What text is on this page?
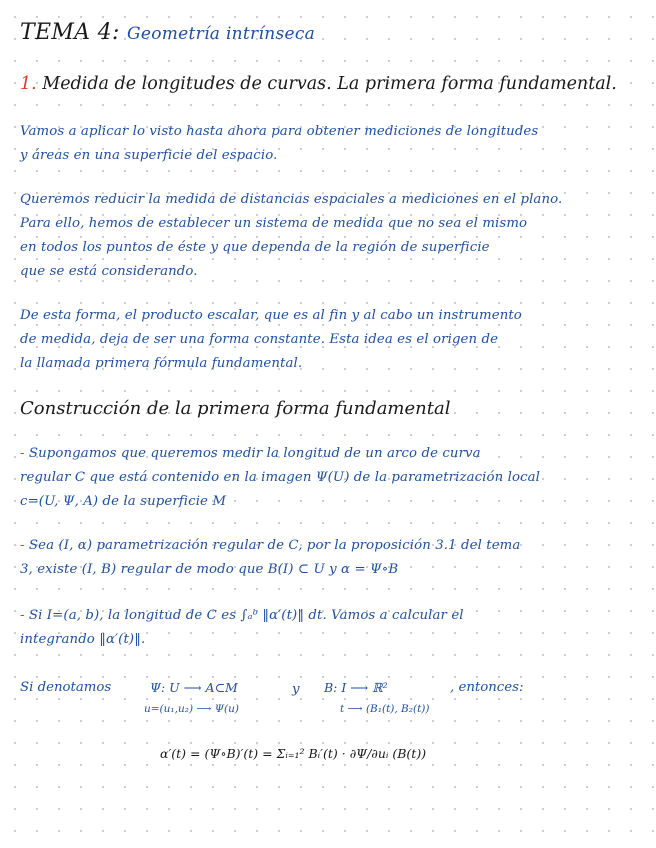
TEMA 4: Geometría intrínseca
1. Medida de longitudes de curvas. La primera forma fundamental.
Vamos a aplicar lo visto hasta ahora para obtener mediciones de longitudes
y áreas en una superficie del espacio.
Queremos reducir la medida de distancias espaciales a mediciones en el plano.
Para ello, hemos de establecer un sistema de medida que no sea el mismo
en todos los puntos de éste y que dependa de la región de superficie
que se está considerando.
De esta forma, el producto escalar, que es al fin y al cabo un instrumento
de medida, deja de ser una forma constante. Esta idea es el origen de
la llamada primera fórmula fundamental.
Construcción de la primera forma fundamental
- Supongamos que queremos medir la longitud de un arco de curva
regular C que está contenido en la imagen Ψ(U) de la parametrización local
c=(U, Ψ, A) de la superficie M
- Sea (I, α) parametrización regular de C, por la proposición 3.1 del tema
3, existe (I, B) regular de modo que B(I) ⊂ U y α = Ψ∘B
- Si I=(a, b), la longitud de C es ∫ₐᵇ ‖α′(t)‖ dt. Vamos a calcular el
integrando ‖α′(t)‖.
Si denotamos	Ψ: U ⟶ A⊂M
u=(u₁,u₂) ⟶ Ψ(u)
y B: I ⟶ ℝ²
t ⟶ (B₁(t), B₂(t))
, entonces:
α′(t) = (Ψ∘B)′(t) = Σᵢ₌₁² Bᵢ′(t) · ∂Ψ/∂uᵢ (B(t))
